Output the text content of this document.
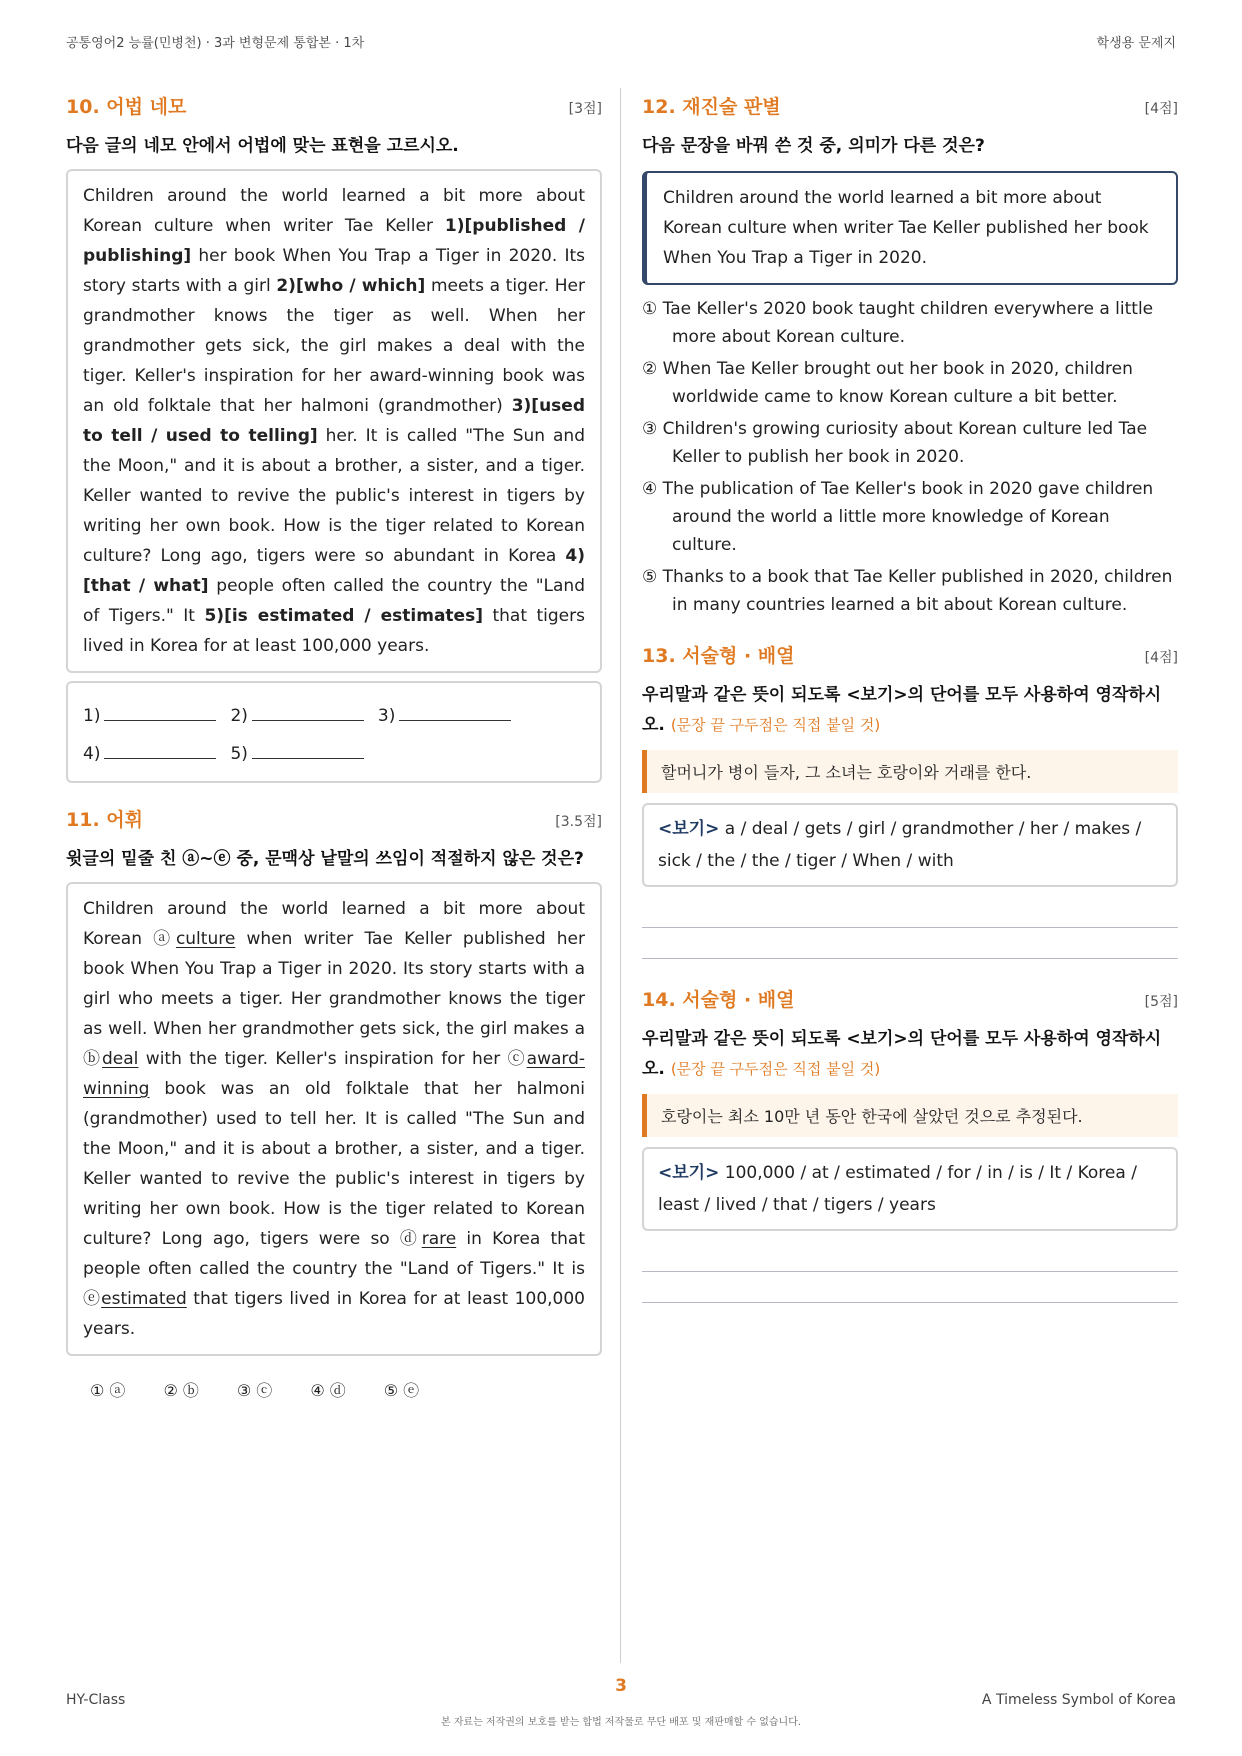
공통영어2 능률(민병천) · 3과 변형문제 통합본 · 1차	학생용 문제지
10. 어법 네모	[3점]
다음 글의 네모 안에서 어법에 맞는 표현을 고르시오.
Children around the world learned a bit more about Korean culture when writer Tae Keller 1)[published / publishing] her book When You Trap a Tiger in 2020. Its story starts with a girl 2)[who / which] meets a tiger. Her grandmother knows the tiger as well. When her grandmother gets sick, the girl makes a deal with the tiger. Keller's inspiration for her award-winning book was an old folktale that her halmoni (grandmother) 3)[used to tell / used to telling] her. It is called "The Sun and the Moon," and it is about a brother, a sister, and a tiger. Keller wanted to revive the public's interest in tigers by writing her own book. How is the tiger related to Korean culture? Long ago, tigers were so abundant in Korea 4)[that / what] people often called the country the "Land of Tigers." It 5)[is estimated / estimates] that tigers lived in Korea for at least 100,000 years.
1)	2)	3)
4)	5)
11. 어휘	[3.5점]
윗글의 밑줄 친 ⓐ~ⓔ 중, 문맥상 낱말의 쓰임이 적절하지 않은 것은?
Children around the world learned a bit more about Korean ⓐculture when writer Tae Keller published her book When You Trap a Tiger in 2020. Its story starts with a girl who meets a tiger. Her grandmother knows the tiger as well. When her grandmother gets sick, the girl makes a ⓑdeal with the tiger. Keller's inspiration for her ⓒaward-winning book was an old folktale that her halmoni (grandmother) used to tell her. It is called "The Sun and the Moon," and it is about a brother, a sister, and a tiger. Keller wanted to revive the public's interest in tigers by writing her own book. How is the tiger related to Korean culture? Long ago, tigers were so ⓓrare in Korea that people often called the country the "Land of Tigers." It is ⓔestimated that tigers lived in Korea for at least 100,000 years.
① ⓐ ② ⓑ ③ ⓒ ④ ⓓ ⑤ ⓔ
12. 재진술 판별	[4점]
다음 문장을 바꿔 쓴 것 중, 의미가 다른 것은?
Children around the world learned a bit more about Korean culture when writer Tae Keller published her book When You Trap a Tiger in 2020.
① Tae Keller's 2020 book taught children everywhere a little more about Korean culture.
② When Tae Keller brought out her book in 2020, children worldwide came to know Korean culture a bit better.
③ Children's growing curiosity about Korean culture led Tae Keller to publish her book in 2020.
④ The publication of Tae Keller's book in 2020 gave children around the world a little more knowledge of Korean culture.
⑤ Thanks to a book that Tae Keller published in 2020, children in many countries learned a bit about Korean culture.
13. 서술형 · 배열	[4점]
우리말과 같은 뜻이 되도록 <보기>의 단어를 모두 사용하여 영작하시오. (문장 끝 구두점은 직접 붙일 것)
할머니가 병이 들자, 그 소녀는 호랑이와 거래를 한다.
<보기> a / deal / gets / girl / grandmother / her / makes / sick / the / the / tiger / When / with
14. 서술형 · 배열	[5점]
우리말과 같은 뜻이 되도록 <보기>의 단어를 모두 사용하여 영작하시오. (문장 끝 구두점은 직접 붙일 것)
호랑이는 최소 10만 년 동안 한국에 살았던 것으로 추정된다.
<보기> 100,000 / at / estimated / for / in / is / It / Korea / least / lived / that / tigers / years
HY-Class
3
A Timeless Symbol of Korea
본 자료는 저작권의 보호를 받는 합법 저작물로 무단 배포 및 재판매할 수 없습니다.
